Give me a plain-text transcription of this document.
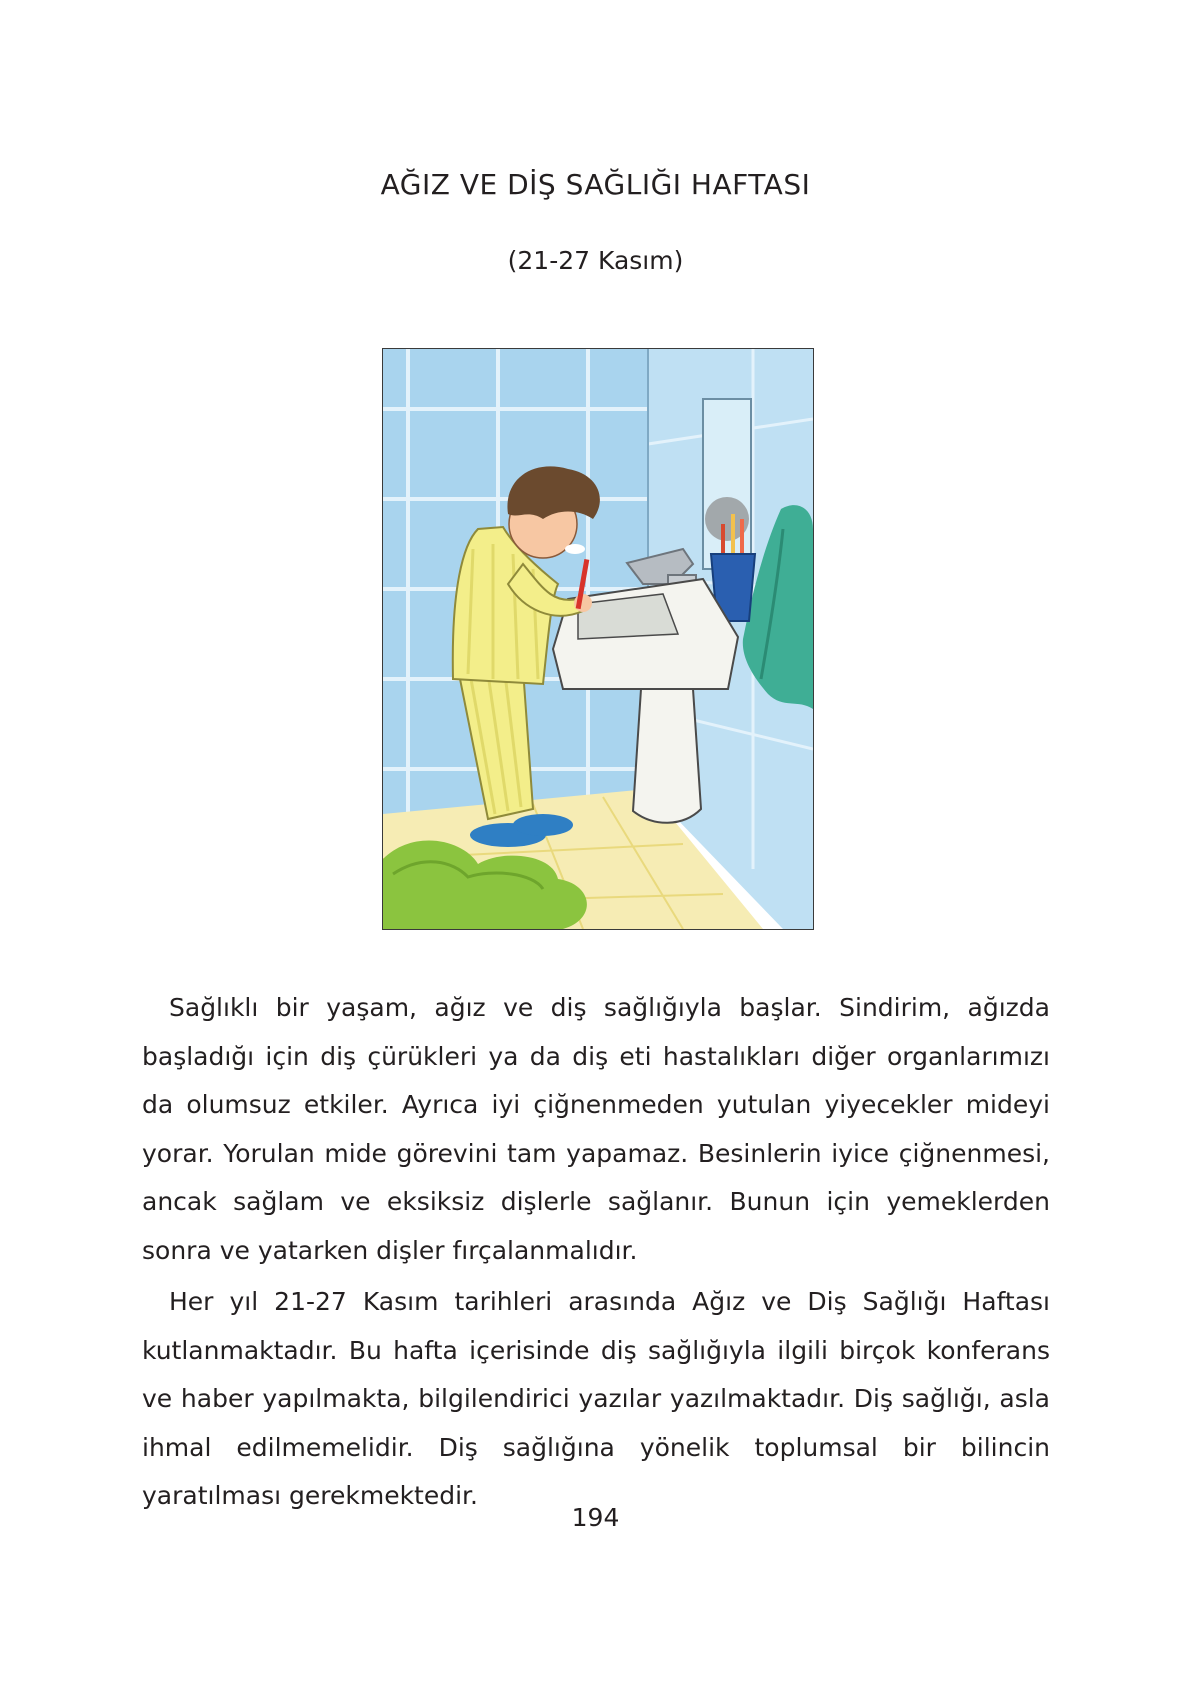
AĞIZ VE DİŞ SAĞLIĞI HAFTASI
(21-27 Kasım)

Sağlıklı bir yaşam, ağız ve diş sağlığıyla başlar. Sindirim, ağızda başladığı için diş çürükleri ya da diş eti hastalıkları diğer organlarımızı da olumsuz etkiler. Ayrıca iyi çiğnenmeden yutulan yiyecekler mideyi yorar. Yorulan mide görevini tam yapamaz. Besinlerin iyice çiğnenmesi, ancak sağlam ve eksiksiz dişlerle sağlanır. Bunun için yemeklerden sonra ve yatarken dişler fırçalanmalıdır.

Her yıl 21-27 Kasım tarihleri arasında Ağız ve Diş Sağlığı Haftası kutlanmaktadır. Bu hafta içerisinde diş sağlığıyla ilgili birçok konferans ve haber yapılmakta, bilgilendirici yazılar yazılmaktadır. Diş sağlığı, asla ihmal edilmemelidir. Diş sağlığına yönelik toplumsal bir bilincin yaratılması gerekmektedir.

194
